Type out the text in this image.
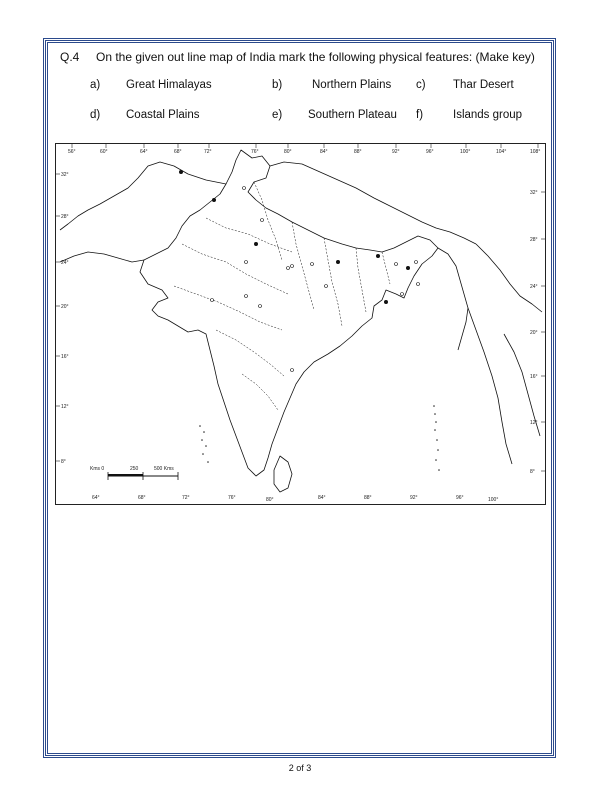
Q.4 On the given out line map of India mark the following physical features: (Make key)
a) Great Himalayas	b)	Northern Plains c) Thar Desert
d) Coastal Plains	e) Southern Plateau f)	Islands group
56°	60°	64°	68°	72°	76°	80°	84°	88°	92°	96°	100°	104°	108°
64°	68°	72°	76°	80°	84°	88°	92°	96°	100°
32°
28°
24°
20°
16°
12°
8°
32°
28°
24°
20°
16°
12°
8°
Kms 0	250	500 Kms
2 of 3
